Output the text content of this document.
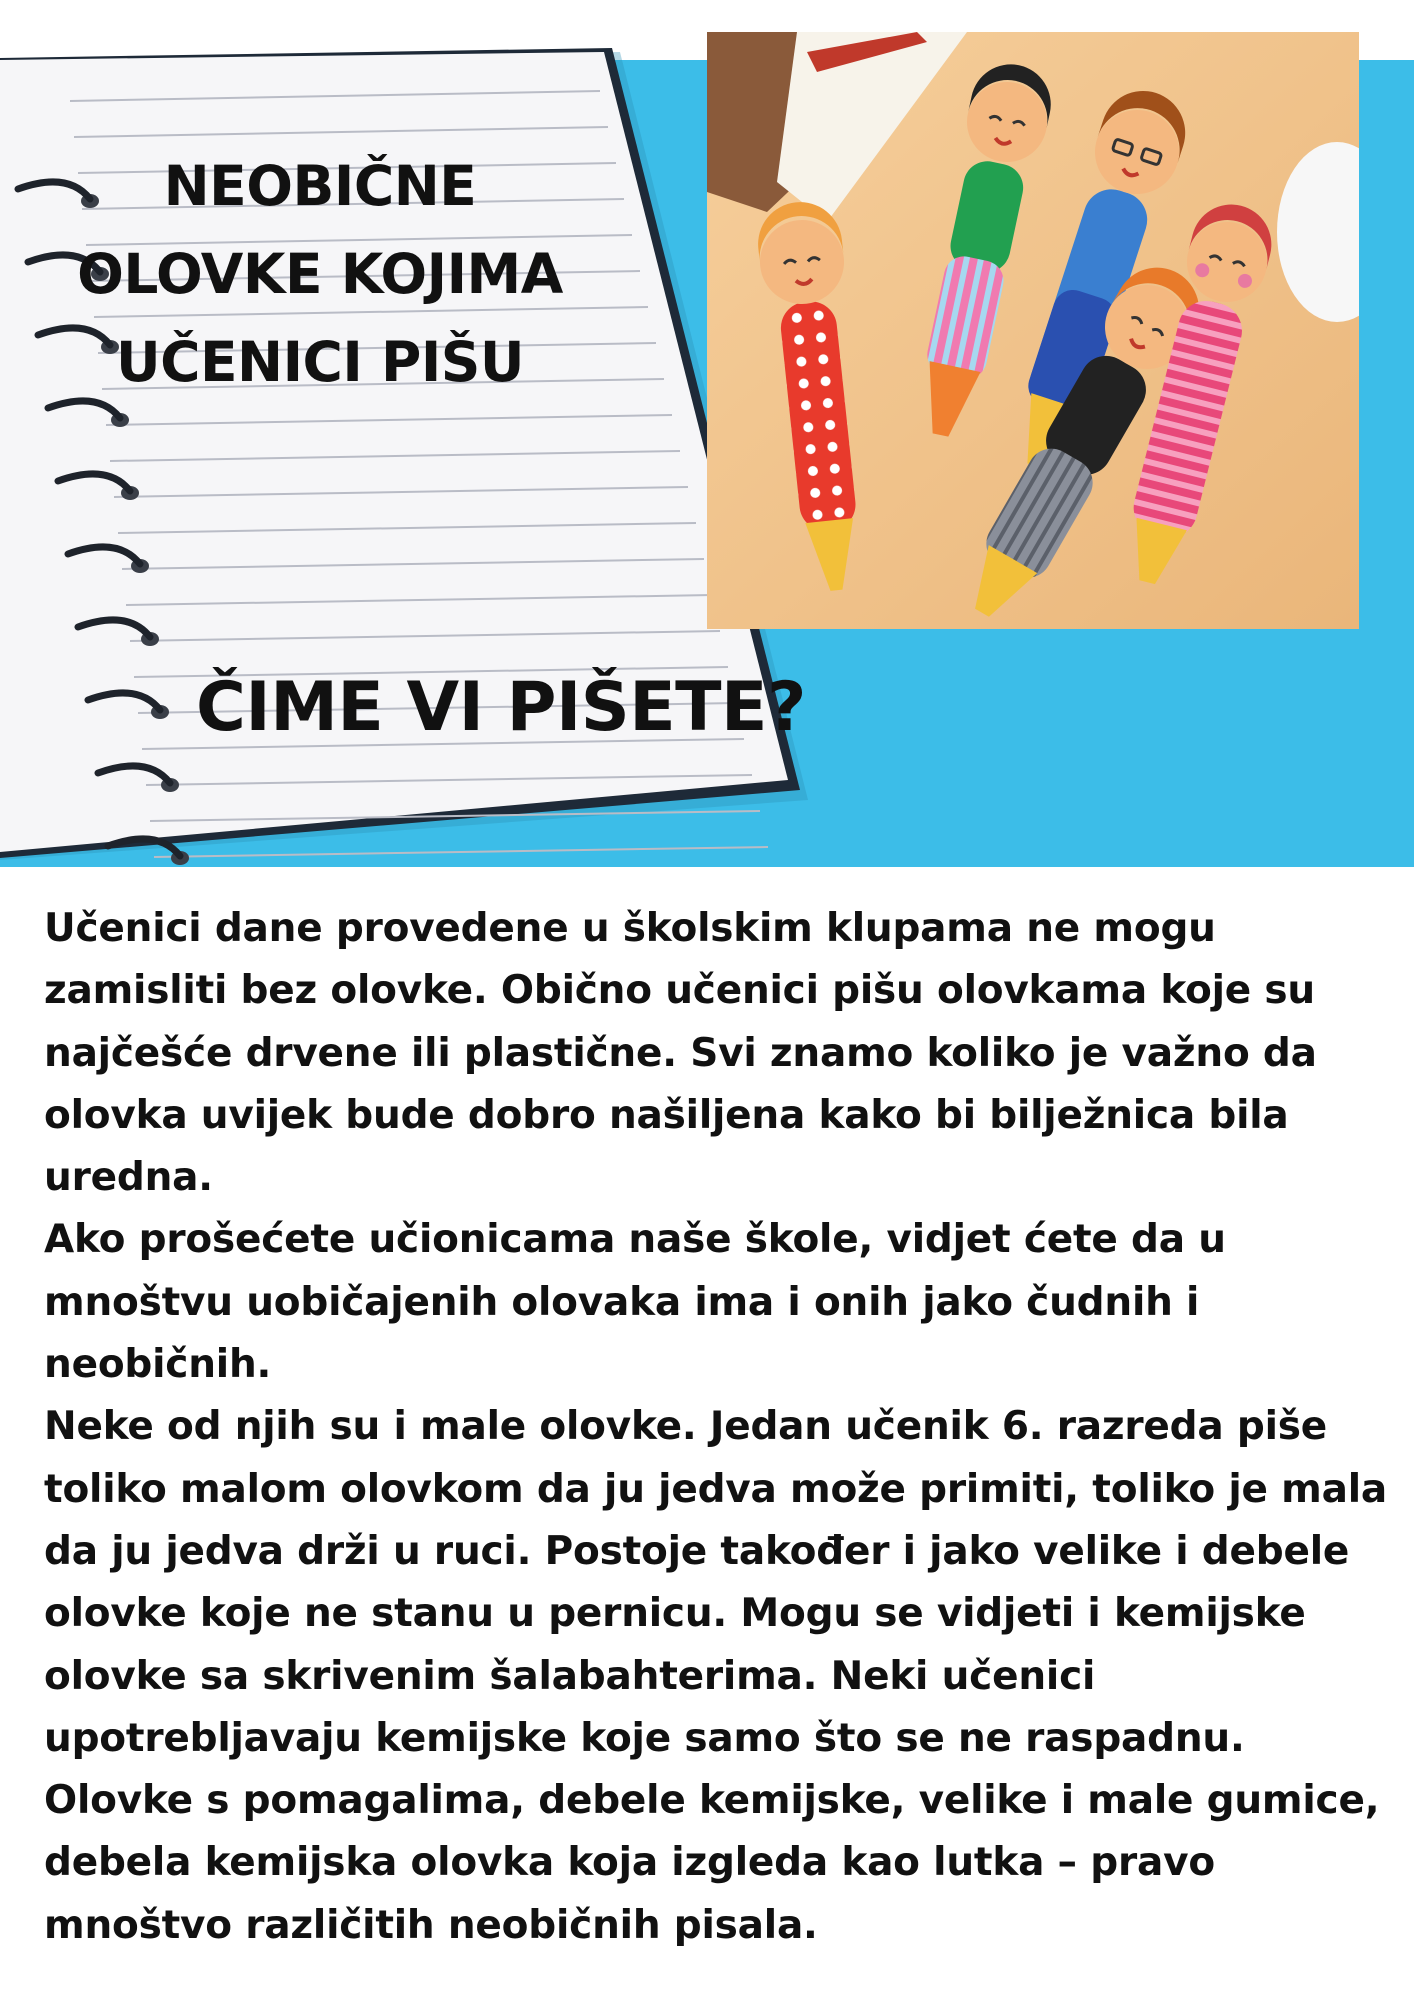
NEOBIČNE
OLOVKE KOJIMA
UČENICI PIŠU
ČIME VI PIŠETE?

Učenici dane provedene u školskim klupama ne mogu zamisliti bez olovke. Obično učenici pišu olovkama koje su najčešće drvene ili plastične. Svi znamo koliko je važno da olovka uvijek bude dobro našiljena kako bi bilježnica bila uredna.

Ako prošećete učionicama naše škole, vidjet ćete da u mnoštvu uobičajenih olovaka ima i onih jako čudnih i neobičnih.

Neke od njih su i male olovke. Jedan učenik 6. razreda piše toliko malom olovkom da ju jedva može primiti, toliko je mala da ju jedva drži u ruci. Postoje također i jako velike i debele olovke koje ne stanu u pernicu. Mogu se vidjeti i kemijske olovke sa skrivenim šalabahterima. Neki učenici upotrebljavaju kemijske koje samo što se ne raspadnu. Olovke s pomagalima, debele kemijske, velike i male gumice, debela kemijska olovka koja izgleda kao lutka – pravo mnoštvo različitih neobičnih pisala.
